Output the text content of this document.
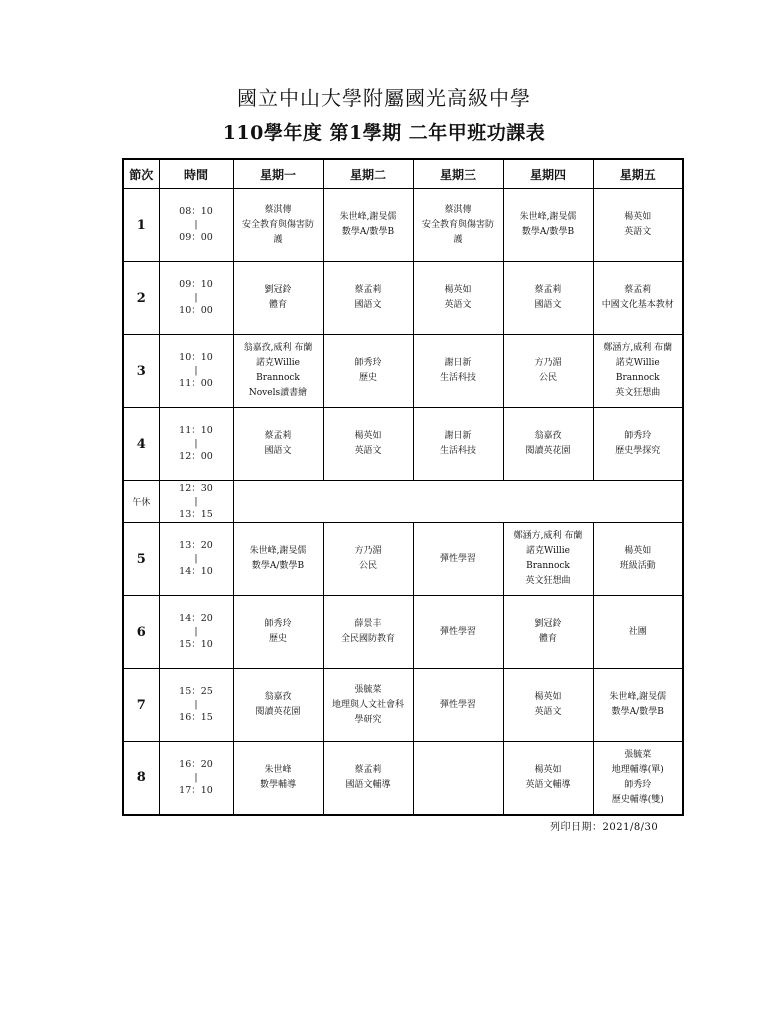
國立中山大學附屬國光高級中學
110學年度 第1學期 二年甲班功課表
節次	時間	星期一	星期二	星期三	星期四	星期五
1	08：10
|
09：00	蔡淇傳
安全教育與傷害防
護	朱世峰,謝旻儒
數學A/數學B	蔡淇傳
安全教育與傷害防
護	朱世峰,謝旻儒
數學A/數學B	楊英如
英語文

2	09：10
|
10：00	劉冠鈴
體育	蔡孟莉
國語文	楊英如
英語文	蔡孟莉
國語文	蔡孟莉
中國文化基本教材

3	10：10
|
11：00	翁嘉孜,威利 布蘭
諾克Willie
Brannock
Novels讀書繪	師秀玲
歷史	謝日新
生活科技	方乃湄
公民	鄭涵方,威利 布蘭
諾克Willie
Brannock
英文狂想曲

4	11：10
|
12：00	蔡孟莉
國語文	楊英如
英語文	謝日新
生活科技	翁嘉孜
閱讀英花園	師秀玲
歷史學探究

午休	12：30
|
13：15					

5	13：20
|
14：10	朱世峰,謝旻儒
數學A/數學B	方乃湄
公民	彈性學習	鄭涵方,威利 布蘭
諾克Willie
Brannock
英文狂想曲	楊英如
班級活動

6	14：20
|
15：10	師秀玲
歷史	薛景丰
全民國防教育	彈性學習	劉冠鈴
體育	社團

7	15：25
|
16：15	翁嘉孜
閱讀英花園	張毓菜
地理與人文社會科
學研究	彈性學習	楊英如
英語文	朱世峰,謝旻儒
數學A/數學B

8	16：20
|
17：10	朱世峰
數學輔導	蔡孟莉
國語文輔導		楊英如
英語文輔導	張毓菜
地理輔導(單)
師秀玲
歷史輔導(雙)
列印日期：2021/8/30
